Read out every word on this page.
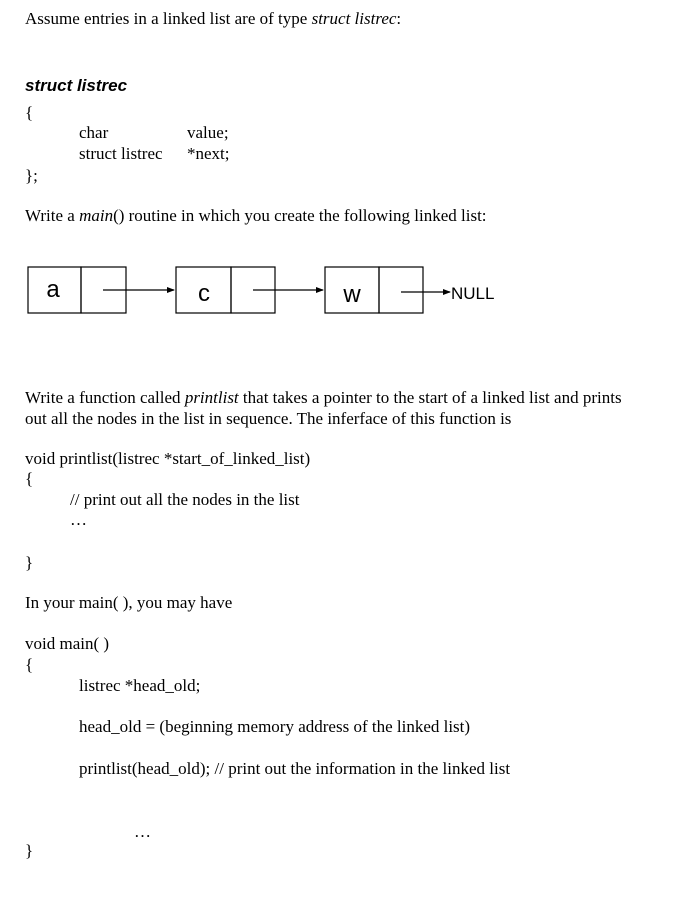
Assume entries in a linked list are of type struct listrec:
struct listrec
{
char	value;
struct listrec *next;
};
Write a main() routine in which you create the following linked list:
a	c	w	NULL
Write a function called printlist that takes a pointer to the start of a linked list and prints
out all the nodes in the list in sequence. The inferface of this function is
void printlist(listrec *start_of_linked_list)
{
// print out all the nodes in the list
…
}
In your main( ), you may have
void main( )
{
listrec *head_old;
head_old = (beginning memory address of the linked list)
printlist(head_old); // print out the information in the linked list
…
}
